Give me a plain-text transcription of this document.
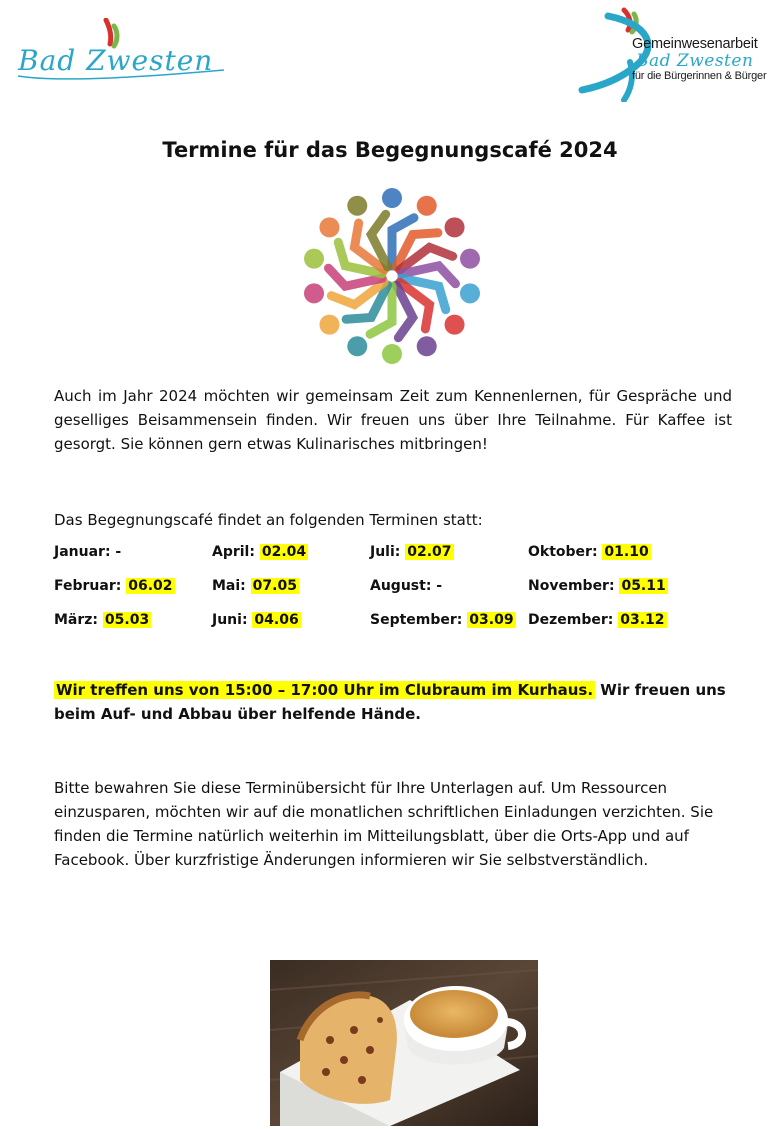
Bad Zwesten	Gemeinwesenarbeit
Bad Zwesten
für die Bürgerinnen & Bürger
Termine für das Begegnungscafé 2024

Auch im Jahr 2024 möchten wir gemeinsam Zeit zum Kennenlernen, für Gespräche und geselliges Beisammensein finden. Wir freuen uns über Ihre Teilnahme. Für Kaffee ist gesorgt. Sie können gern etwas Kulinarisches mitbringen!

Das Begegnungscafé findet an folgenden Terminen statt:

Januar: -	April: 02.04	Juli: 02.07	Oktober: 01.10
Februar: 06.02	Mai: 07.05	August: -	November: 05.11
März: 05.03	Juni: 04.06	September: 03.09 Dezember: 03.12

Wir treffen uns von 15:00 – 17:00 Uhr im Clubraum im Kurhaus. Wir freuen uns beim Auf- und Abbau über helfende Hände.

Bitte bewahren Sie diese Terminübersicht für Ihre Unterlagen auf. Um Ressourcen einzusparen, möchten wir auf die monatlichen schriftlichen Einladungen verzichten. Sie finden die Termine natürlich weiterhin im Mitteilungsblatt, über die Orts-App und auf Facebook. Über kurzfristige Änderungen informieren wir Sie selbstverständlich.
